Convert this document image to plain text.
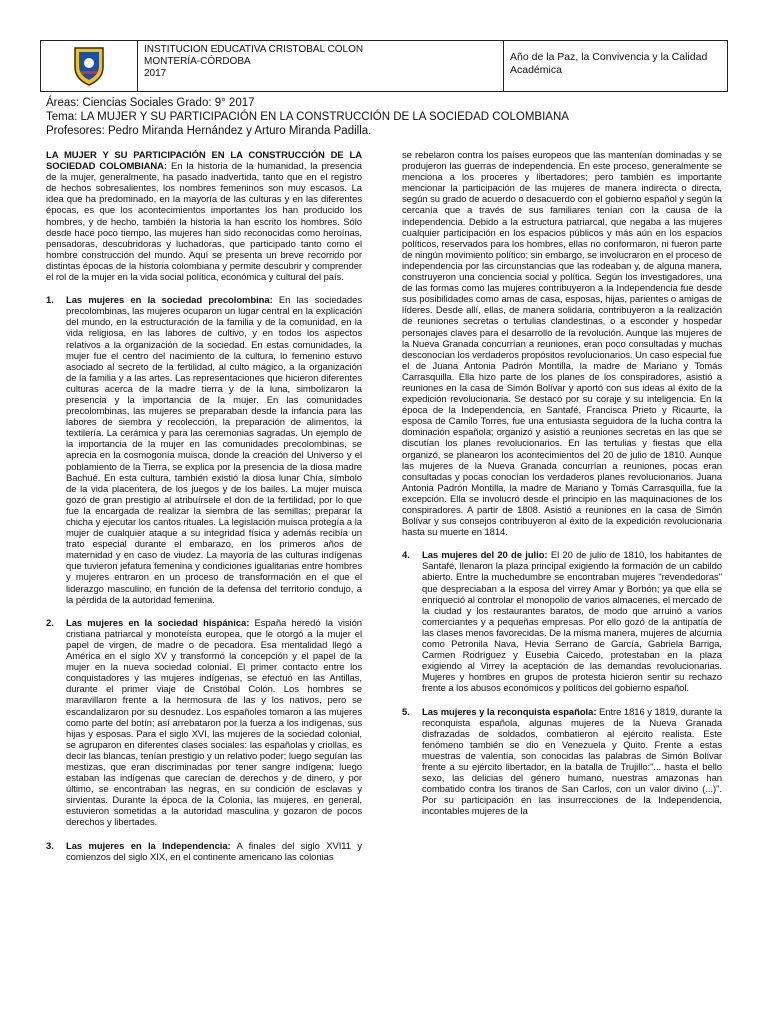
INSTITUCION EDUCATIVA CRISTOBAL COLON
MONTERÍA-CÓRDOBA
2017
Año de la Paz, la Convivencia y la Calidad Académica
Áreas: Ciencias Sociales Grado: 9° 2017
Tema: LA MUJER Y SU PARTICIPACIÓN EN LA CONSTRUCCIÓN DE LA SOCIEDAD COLOMBIANA
Profesores: Pedro Miranda Hernández y Arturo Miranda Padilla.

LA MUJER Y SU PARTICIPACIÓN EN LA CONSTRUCCIÓN DE LA SOCIEDAD COLOMBIANA: En la historia de la humanidad, la presencia de la mujer, generalmente, ha pasado inadvertida, tanto que en el registro de hechos sobresalientes, los nombres femeninos son muy escasos. La idea que ha predominado, en la mayoría de las culturas y en las diferentes épocas, es que los acontecimientos importantes los han producido los hombres, y de hecho, también la historia la han escrito los hombres. Sólo desde hace poco tiempo, las mujeres han sido reconocidas como heroínas, pensadoras, descubridoras y luchadoras, que participado tanto como el hombre construcción del mundo. Aquí se presenta un breve recorrido por distintas épocas de la historia colombiana y permite descubrir y comprender el rol de la mujer en la vida social política, económica y cultural del país.

1.	Las mujeres en la sociedad precolombina: En las sociedades precolombinas, las mujeres ocuparon un lugar central en la explicación del mundo, en la estructuración de la familia y de la comunidad, en la vida religiosa, en las labores de cultivo, y en todos los aspectos relativos a la organización de la sociedad. En estas comunidades, la mujer fue el centro del nacimiento de la cultura, lo femenino estuvo asociado al secreto de la fertilidad, al culto mágico, a la organización de la familia y a las artes. Las representaciones que hicieron diferentes culturas acerca de la madre tierra y de la luna, simbolizaron la presencia y la importancia de la mujer. En las comunidades precolombinas, las mujeres se preparaban desde la infancia para las labores de siembra y recolección, la preparación de alimentos, la textilería. La cerámica y para las ceremonias sagradas. Un ejemplo de la importancia de la mujer en las comunidades precolombinas, se aprecia en la cosmogonía muisca, donde la creación del Universo y el poblamiento de la Tierra, se explica por la presencia de la diosa madre Bachué. En esta cultura, también existió la diosa lunar Chía, símbolo de la vida placentera, de los juegos y de los bailes. La mujer muisca gozó de gran prestigio al atribuírsele el don de la fertilidad, por lo que fue la encargada de realizar la siembra de las semillas; preparar la chicha y ejecutar los cantos rituales. La legislación muisca protegía a la mujer de cualquier ataque a su integridad física y además recibía un trato especial durante el embarazo, en los primeros años de maternidad y en caso de viudez. La mayoría de las culturas indígenas que tuvieron jefatura femenina y condiciones igualitarias entre hombres y mujeres entraron en un proceso de transformación en el que el liderazgo masculino, en función de la defensa del territorio condujo, a la pérdida de la autoridad femenina.

2.	Las mujeres en la sociedad hispánica: España heredó la visión cristiana patriarcal y monoteísta europea, que le otorgó a la mujer el papel de virgen, de madre o de pecadora. Esa mentalidad llegó a América en el siglo XV y transformó la concepción y el papel de la mujer en la nueva sociedad colonial. El primer contacto entre los conquistadores y las mujeres indígenas, se efectuó en las Antillas, durante el primer viaje de Cristóbal Colón. Los hombres se maravillaron frente a la hermosura de las y los nativos, pero se escandalizaron por su desnudez. Los españoles tomaron a las mujeres como parte del botín; así arrebataron por la fuerza a los indígenas, sus hijas y esposas. Para el siglo XVI, las mujeres de la sociedad colonial, se agruparon en diferentes clases sociales: las españolas y criollas, es decir las blancas, tenían prestigio y un relativo poder; luego seguían las mestizas, que eran discriminadas por tener sangre indígena; luego estaban las indígenas que carecían de derechos y de dinero, y por último, se encontraban las negras, en su condición de esclavas y sirvientas. Durante la época de la Colonia, las mujeres, en general, estuvieron sometidas a la autoridad masculina y gozaron de pocos derechos y libertades.

3.	Las mujeres en la Independencia: A finales del siglo XVI11 y comienzos del siglo XIX, en el continente americano las colonias

se rebelaron contra los países europeos que las mantenían dominadas y se produjeron las guerras de independencia. En este proceso, generalmente se menciona a los proceres y libertadores; pero también es importante mencionar la participación de las mujeres de manera indirecta o directa, según su grado de acuerdo o desacuerdo con el gobierno español y según la cercanía que a través de sus familiares tenían con la causa de la independencia. Debido a la estructura patriarcal, que negaba a las mujeres cualquier participación en los espacios públicos y más aún en los espacios políticos, reservados para los hombres, ellas no conformaron, ni fueron parte de ningún movimiento político; sin embargo, se involucraron en el proceso de independencia por las circunstancias que las rodeaban y, de alguna manera, construyeron una conciencia social y política. Según los investigadores, una de las formas como las mujeres contribuyeron a la Independencia fue desde sus posibilidades como amas de casa, esposas, hijas, parientes o amigas de líderes. Desde allí, ellas, de manera solidaria, contribuyeron a la realización de reuniones secretas o tertulias clandestinas, o a esconder y hospedar personajes claves para el desarrollo de la revolución. Aunque las mujeres de la Nueva Granada concurrían a reuniones, eran poco consultadas y muchas desconocían los verdaderos propósitos revolucionarios. Un caso especial fue el de Juana Antonia Padrón Montilla, la madre de Mariano y Tomás Carrasquilla. Ella hizo parte de los planes de los conspiradores, asistió a reuniones en la casa de Simón Bolívar y aportó con sus ideas al éxito de la expedición revolucionaria. Se destacó por su coraje y su inteligencia. En la época de la Independencia, en Santafé, Francisca Prieto y Ricaurte, la esposa de Camilo Torres, fue una entusiasta seguidora de la lucha contra la dominación española; organizó y asistió a reuniones secretas en las que se discutían los planes revolucionarios. En las tertulias y fiestas que ella organizó, se planearon los acontecimientos del 20 de julio de 1810. Aunque las mujeres de la Nueva Granada concurrían a reuniones, pocas eran consultadas y pocas conocían los verdaderos planes revolucionarios. Juana Antonia Padrón Montilla, la madre de Mariano y Tomás Carrasquilla, fue la excepción. Ella se involucró desde el principio en las maquinaciones de los conspiradores. A partir de 1808. Asistió a reuniones en la casa de Simón Bolívar y sus consejos contribuyeron al éxito de la expedición revolucionaria hasta su muerte en 1814.

4.	Las mujeres del 20 de julio: El 20 de julio de 1810, los habitantes de Santafé, llenaron la plaza principal exigiendo la formación de un cabildo abierto. Entre la muchedumbre se encontraban mujeres "revendedoras" que despreciaban a la esposa del virrey Amar y Borbón; ya que ella se enriqueció al controlar el monopolio de varios almacenes, el mercado de la ciudad y los restaurantes baratos, de modo que arruinó a varios comerciantes y a pequeñas empresas. Por ello gozó de la antipatía de las clases menos favorecidas. De la misma manera, mujeres de alcurnia como Petronila Nava, Hevia Serrano de García, Gabriela Barriga, Carmen Rodríguez y Eusebia Caicedo, protestaban en la plaza exigiendo al Virrey la aceptación de las demandas revolucionarias. Mujeres y hombres en grupos de protesta hicieron sentir su rechazo frente a los abusos económicos y políticos del gobierno español.

5.	Las mujeres y la reconquista española: Entre 1816 y 1819, durante la reconquista española, algunas mujeres de la Nueva Granada disfrazadas de soldados, combatieron al ejército realista. Este fenómeno también se dio en Venezuela y Quito. Frente a estas muestras de valentía, son conocidas las palabras de Simón Bolívar frente a su ejército libertador, en la batalla de Trujillo:"... hasta el bello sexo, las delicias del género humano, nuestras amazonas han combatido contra los tiranos de San Carlos, con un valor divino (...)". Por su participación en las insurrecciones de la Independencia, incontables mujeres de la
